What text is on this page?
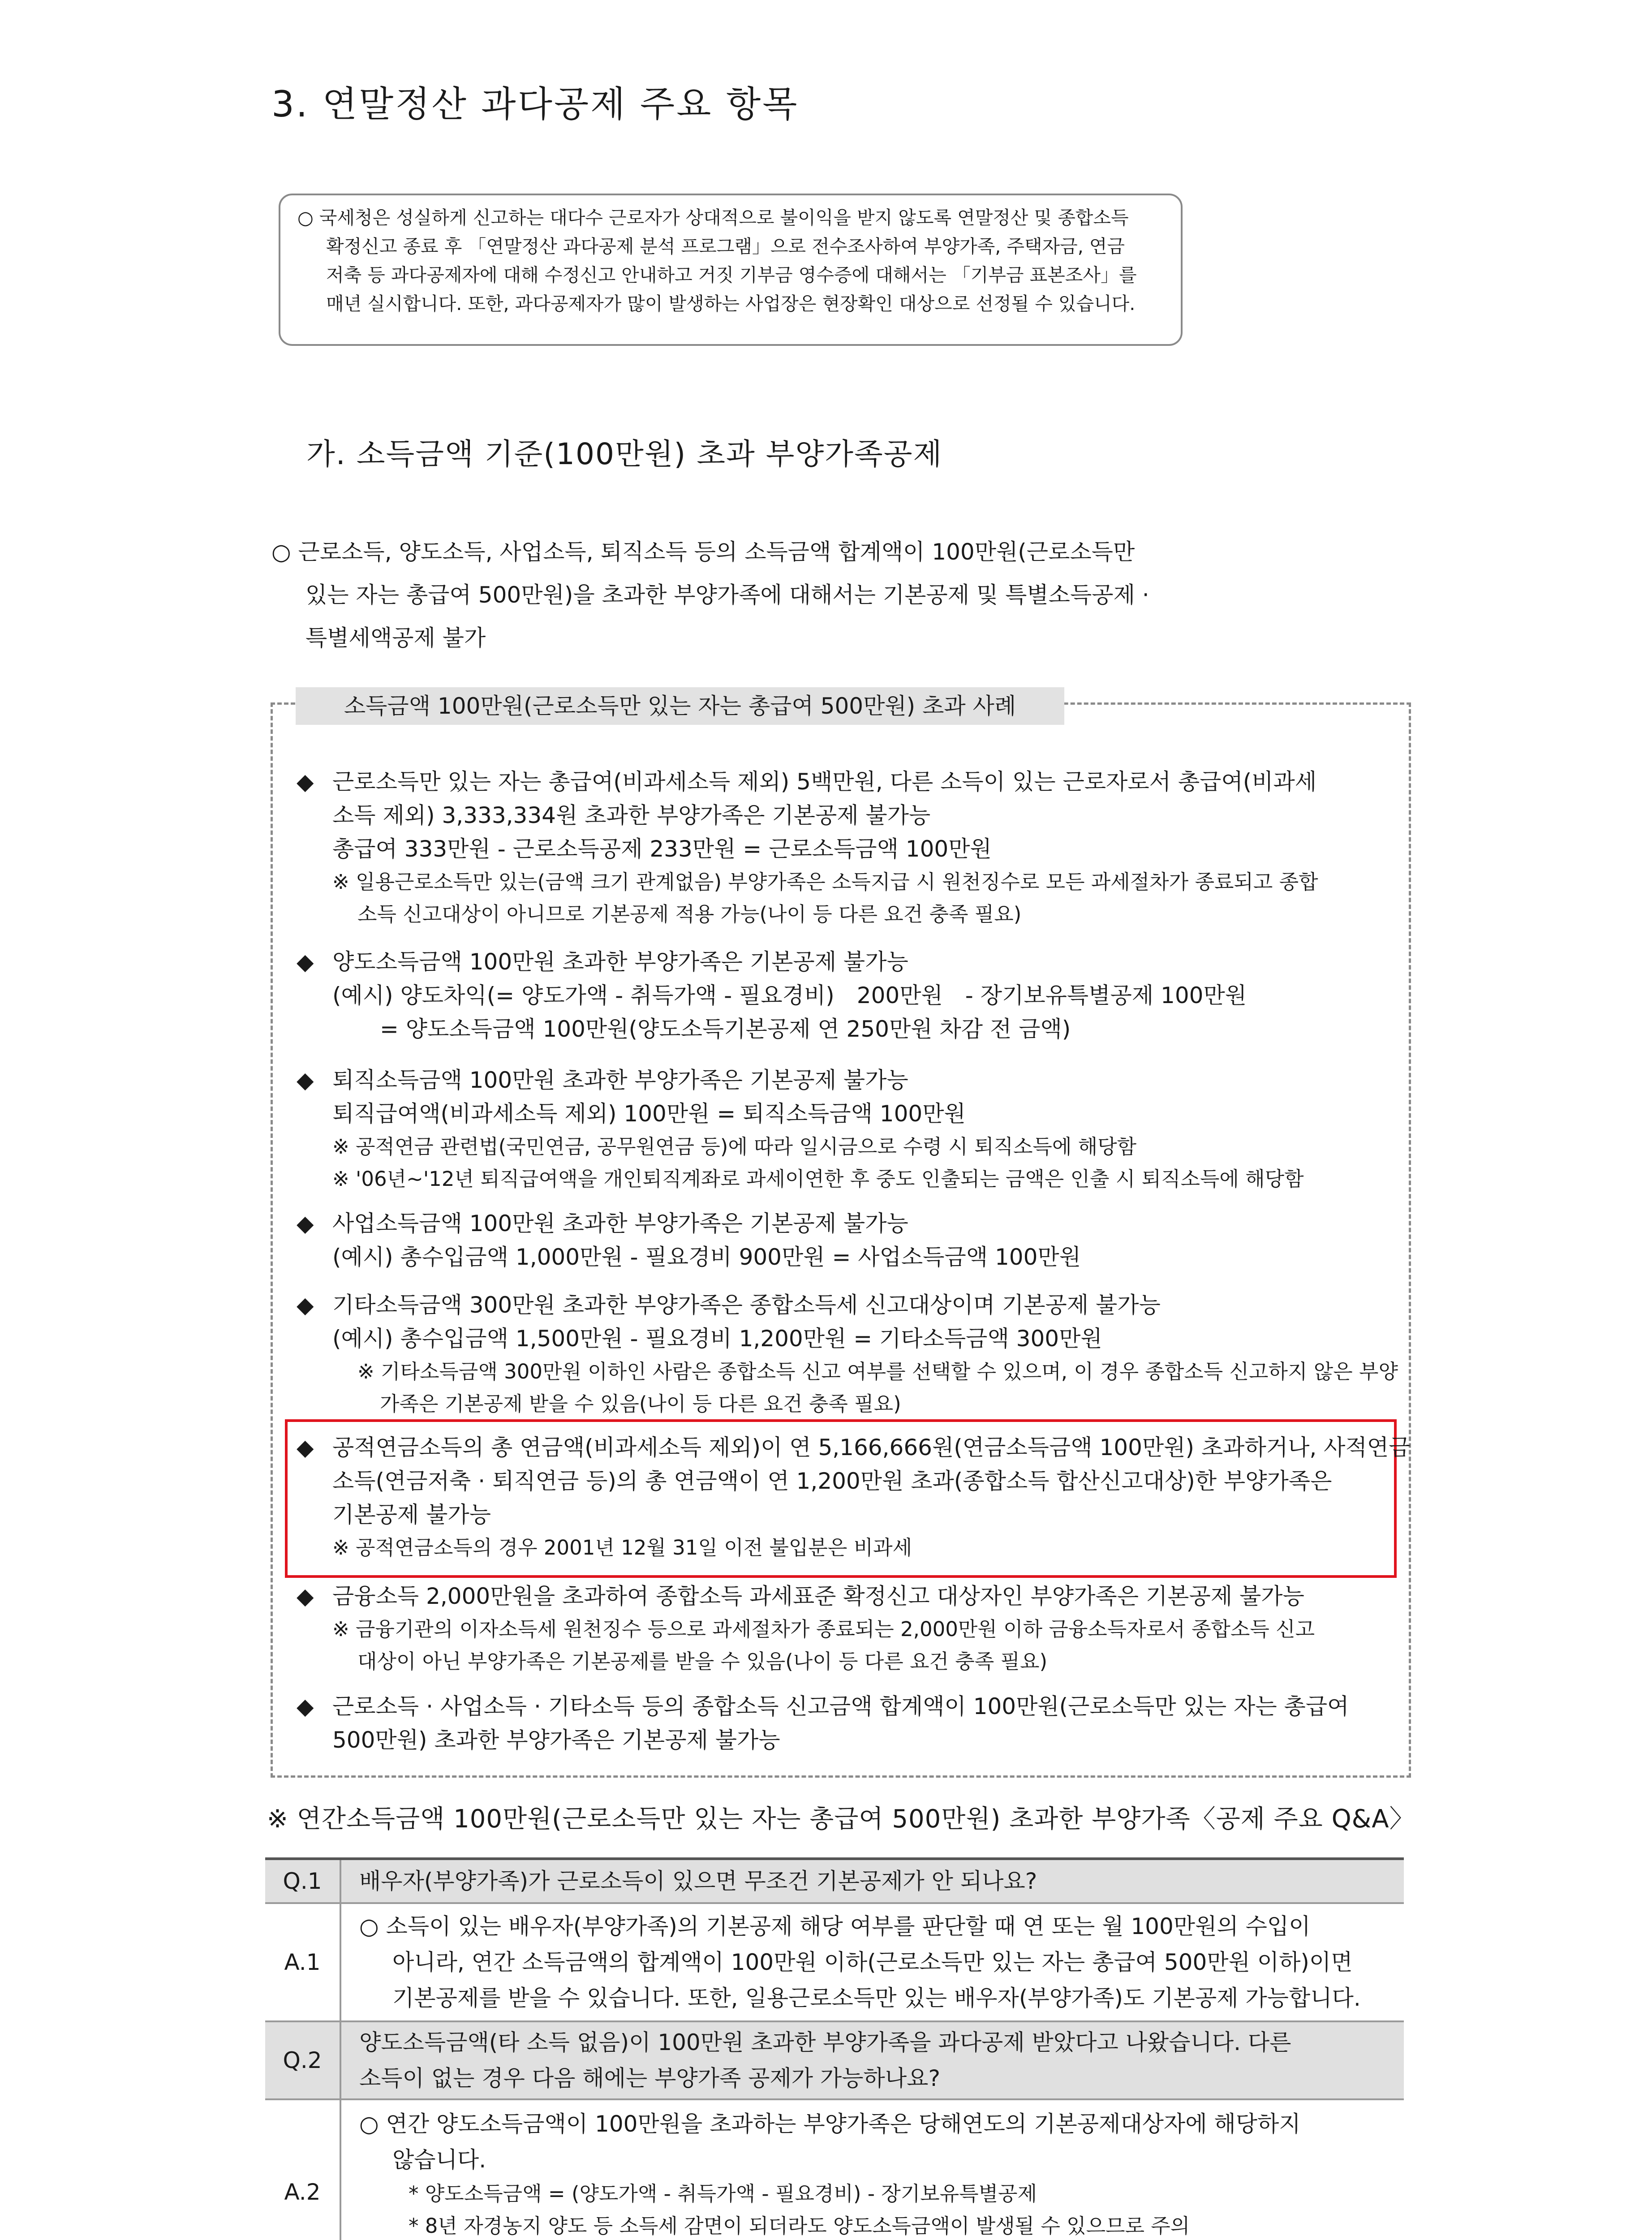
3. 연말정산 과다공제 주요 항목

○ 국세청은 성실하게 신고하는 대다수 근로자가 상대적으로 불이익을 받지 않도록 연말정산 및 종합소득

확정신고 종료 후 「연말정산 과다공제 분석 프로그램」으로 전수조사하여 부양가족, 주택자금, 연금

저축 등 과다공제자에 대해 수정신고 안내하고 거짓 기부금 영수증에 대해서는 「기부금 표본조사」를

매년 실시합니다. 또한, 과다공제자가 많이 발생하는 사업장은 현장확인 대상으로 선정될 수 있습니다.

가. 소득금액 기준(100만원) 초과 부양가족공제

○ 근로소득, 양도소득, 사업소득, 퇴직소득 등의 소득금액 합계액이 100만원(근로소득만

있는 자는 총급여 500만원)을 초과한 부양가족에 대해서는 기본공제 및 특별소득공제 ·

특별세액공제 불가

소득금액 100만원(근로소득만 있는 자는 총급여 500만원) 초과 사례
◆ 근로소득만 있는 자는 총급여(비과세소득 제외) 5백만원, 다른 소득이 있는 근로자로서 총급여(비과세
소득 제외) 3,333,334원 초과한 부양가족은 기본공제 불가능
총급여 333만원 - 근로소득공제 233만원 = 근로소득금액 100만원
※ 일용근로소득만 있는(금액 크기 관계없음) 부양가족은 소득지급 시 원천징수로 모든 과세절차가 종료되고 종합
소득 신고대상이 아니므로 기본공제 적용 가능(나이 등 다른 요건 충족 필요)
◆ 양도소득금액 100만원 초과한 부양가족은 기본공제 불가능
(예시) 양도차익(= 양도가액 - 취득가액 - 필요경비)　200만원　- 장기보유특별공제 100만원
= 양도소득금액 100만원(양도소득기본공제 연 250만원 차감 전 금액)
◆ 퇴직소득금액 100만원 초과한 부양가족은 기본공제 불가능
퇴직급여액(비과세소득 제외) 100만원 = 퇴직소득금액 100만원
※ 공적연금 관련법(국민연금, 공무원연금 등)에 따라 일시금으로 수령 시 퇴직소득에 해당함
※ '06년~'12년 퇴직급여액을 개인퇴직계좌로 과세이연한 후 중도 인출되는 금액은 인출 시 퇴직소득에 해당함
◆ 사업소득금액 100만원 초과한 부양가족은 기본공제 불가능
(예시) 총수입금액 1,000만원 - 필요경비 900만원 = 사업소득금액 100만원
◆ 기타소득금액 300만원 초과한 부양가족은 종합소득세 신고대상이며 기본공제 불가능
(예시) 총수입금액 1,500만원 - 필요경비 1,200만원 = 기타소득금액 300만원
※ 기타소득금액 300만원 이하인 사람은 종합소득 신고 여부를 선택할 수 있으며, 이 경우 종합소득 신고하지 않은 부양
가족은 기본공제 받을 수 있음(나이 등 다른 요건 충족 필요)
◆ 공적연금소득의 총 연금액(비과세소득 제외)이 연 5,166,666원(연금소득금액 100만원) 초과하거나, 사적연금
소득(연금저축 · 퇴직연금 등)의 총 연금액이 연 1,200만원 초과(종합소득 합산신고대상)한 부양가족은
기본공제 불가능
※ 공적연금소득의 경우 2001년 12월 31일 이전 불입분은 비과세
◆ 금융소득 2,000만원을 초과하여 종합소득 과세표준 확정신고 대상자인 부양가족은 기본공제 불가능
※ 금융기관의 이자소득세 원천징수 등으로 과세절차가 종료되는 2,000만원 이하 금융소득자로서 종합소득 신고
대상이 아닌 부양가족은 기본공제를 받을 수 있음(나이 등 다른 요건 충족 필요)
◆ 근로소득 · 사업소득 · 기타소득 등의 종합소득 신고금액 합계액이 100만원(근로소득만 있는 자는 총급여
500만원) 초과한 부양가족은 기본공제 불가능
※ 연간소득금액 100만원(근로소득만 있는 자는 총급여 500만원) 초과한 부양가족〈공제 주요 Q&A〉
Q.1	배우자(부양가족)가 근로소득이 있으면 무조건 기본공제가 안 되나요?

A.1	○ 소득이 있는 배우자(부양가족)의 기본공제 해당 여부를 판단할 때 연 또는 월 100만원의 수입이
아니라, 연간 소득금액의 합계액이 100만원 이하(근로소득만 있는 자는 총급여 500만원 이하)이면
기본공제를 받을 수 있습니다. 또한, 일용근로소득만 있는 배우자(부양가족)도 기본공제 가능합니다.

Q.2	양도소득금액(타 소득 없음)이 100만원 초과한 부양가족을 과다공제 받았다고 나왔습니다. 다른
소득이 없는 경우 다음 해에는 부양가족 공제가 가능하나요?

A.2	○ 연간 양도소득금액이 100만원을 초과하는 부양가족은 당해연도의 기본공제대상자에 해당하지
않습니다.
* 양도소득금액 = (양도가액 - 취득가액 - 필요경비) - 장기보유특별공제
* 8년 자경농지 양도 등 소득세 감면이 되더라도 양도소득금액이 발생될 수 있으므로 주의
